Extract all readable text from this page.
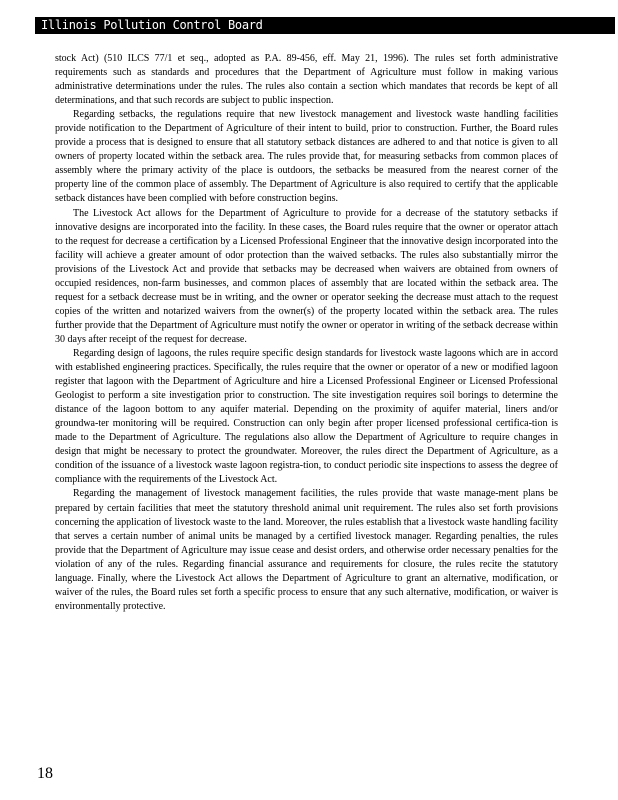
Illinois Pollution Control Board

stock Act) (510 ILCS 77/1 et seq., adopted as P.A. 89-456, eff. May 21, 1996). The rules set forth administrative requirements such as standards and procedures that the Department of Agriculture must follow in making various administrative determinations under the rules. The rules also contain a section which mandates that records be kept of all determinations, and that such records are subject to public inspection.

Regarding setbacks, the regulations require that new livestock management and livestock waste handling facilities provide notification to the Department of Agriculture of their intent to build, prior to construction. Further, the Board rules provide a process that is designed to ensure that all statutory setback distances are adhered to and that notice is given to all owners of property located within the setback area. The rules provide that, for measuring setbacks from common places of assembly where the primary activity of the place is outdoors, the setbacks be measured from the nearest corner of the property line of the common place of assembly. The Department of Agriculture is also required to certify that the applicable setback distances have been complied with before construction begins.

The Livestock Act allows for the Department of Agriculture to provide for a decrease of the statutory setbacks if innovative designs are incorporated into the facility. In these cases, the Board rules require that the owner or operator attach to the request for decrease a certification by a Licensed Professional Engineer that the innovative design incorporated into the facility will achieve a greater amount of odor protection than the waived setbacks. The rules also substantially mirror the provisions of the Livestock Act and provide that setbacks may be decreased when waivers are obtained from owners of occupied residences, non-farm businesses, and common places of assembly that are located within the setback area. The request for a setback decrease must be in writing, and the owner or operator seeking the decrease must attach to the request copies of the written and notarized waivers from the owner(s) of the property located within the setback area. The rules further provide that the Department of Agriculture must notify the owner or operator in writing of the setback decrease within 30 days after receipt of the request for decrease.

Regarding design of lagoons, the rules require specific design standards for livestock waste lagoons which are in accord with established engineering practices. Specifically, the rules require that the owner or operator of a new or modified lagoon register that lagoon with the Department of Agriculture and hire a Licensed Professional Engineer or Licensed Professional Geologist to perform a site investigation prior to construction. The site investigation requires soil borings to determine the distance of the lagoon bottom to any aquifer material. Depending on the proximity of aquifer material, liners and/or groundwa-ter monitoring will be required. Construction can only begin after proper licensed professional certifica-tion is made to the Department of Agriculture. The regulations also allow the Department of Agriculture to require changes in design that might be necessary to protect the groundwater. Moreover, the rules direct the Department of Agriculture, as a condition of the issuance of a livestock waste lagoon registra-tion, to conduct periodic site inspections to assess the degree of compliance with the requirements of the Livestock Act.

Regarding the management of livestock management facilities, the rules provide that waste manage-ment plans be prepared by certain facilities that meet the statutory threshold animal unit requirement. The rules also set forth provisions concerning the application of livestock waste to the land. Moreover, the rules establish that a livestock waste handling facility that serves a certain number of animal units be managed by a certified livestock manager. Regarding penalties, the rules provide that the Department of Agriculture may issue cease and desist orders, and otherwise order necessary penalties for the violation of any of the rules. Regarding financial assurance and requirements for closure, the rules recite the statutory language. Finally, where the Livestock Act allows the Department of Agriculture to grant an alternative, modification, or waiver of the rules, the Board rules set forth a specific process to ensure that any such alternative, modification, or waiver is environmentally protective.

18
